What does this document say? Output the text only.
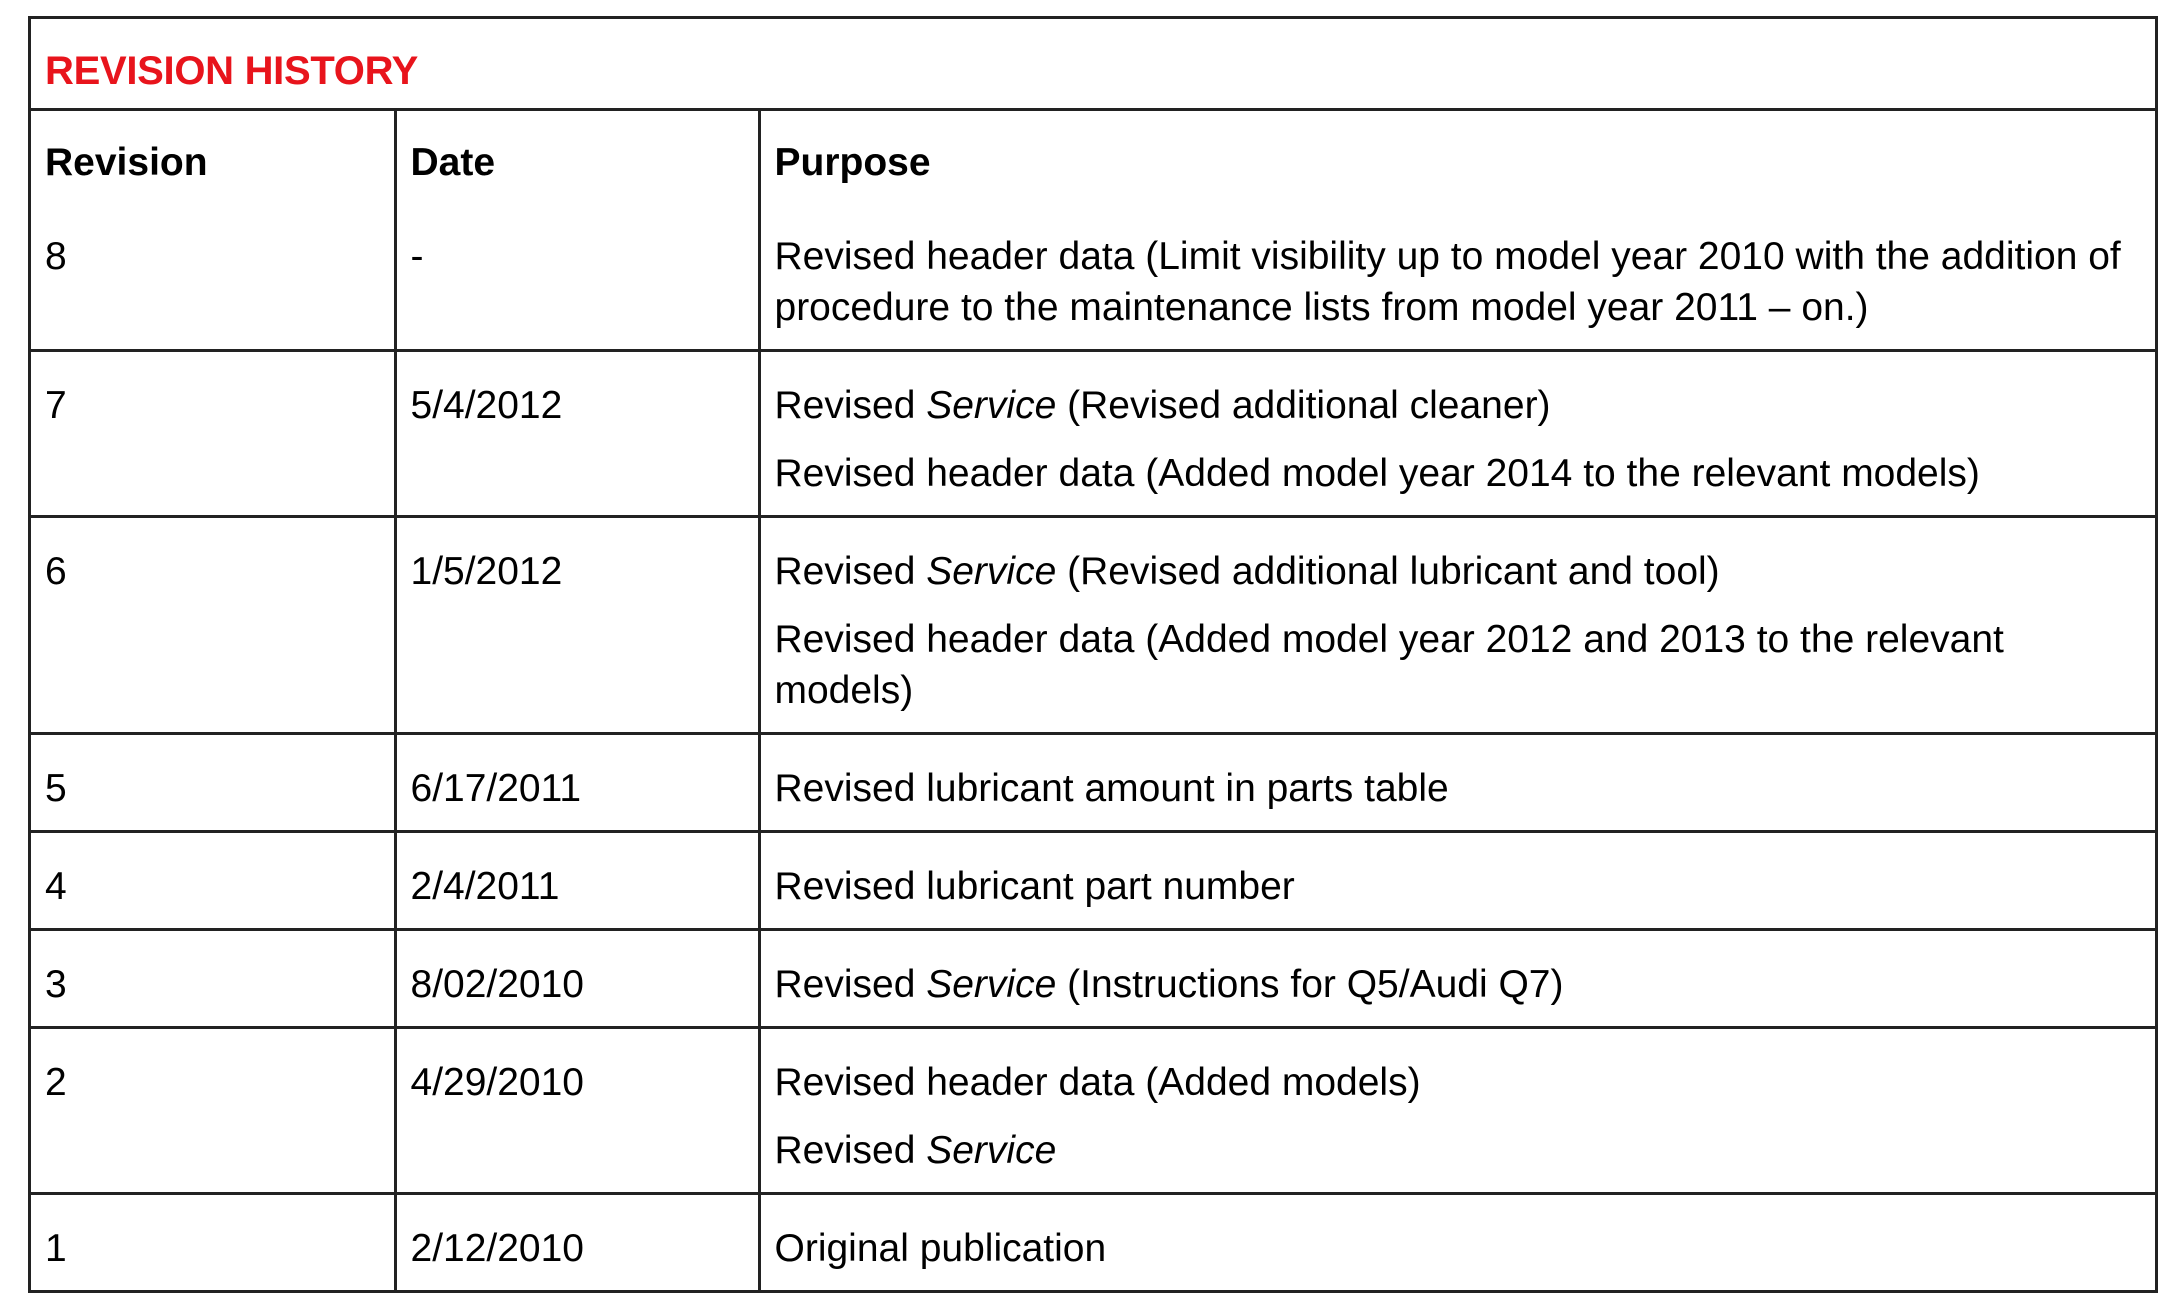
REVISION HISTORY
Revision	Date	Purpose
8	-	Revised header data (Limit visibility up to model year 2010 with the addition of procedure to the maintenance lists from model year 2011 – on.)

7	5/4/2012	Revised Service (Revised additional cleaner)
Revised header data (Added model year 2014 to the relevant models)

6	1/5/2012	Revised Service (Revised additional lubricant and tool)
Revised header data (Added model year 2012 and 2013 to the relevant models)

5	6/17/2011	Revised lubricant amount in parts table

4	2/4/2011	Revised lubricant part number

3	8/02/2010	Revised Service (Instructions for Q5/Audi Q7)

2	4/29/2010	Revised header data (Added models)
Revised Service

1	2/12/2010	Original publication
